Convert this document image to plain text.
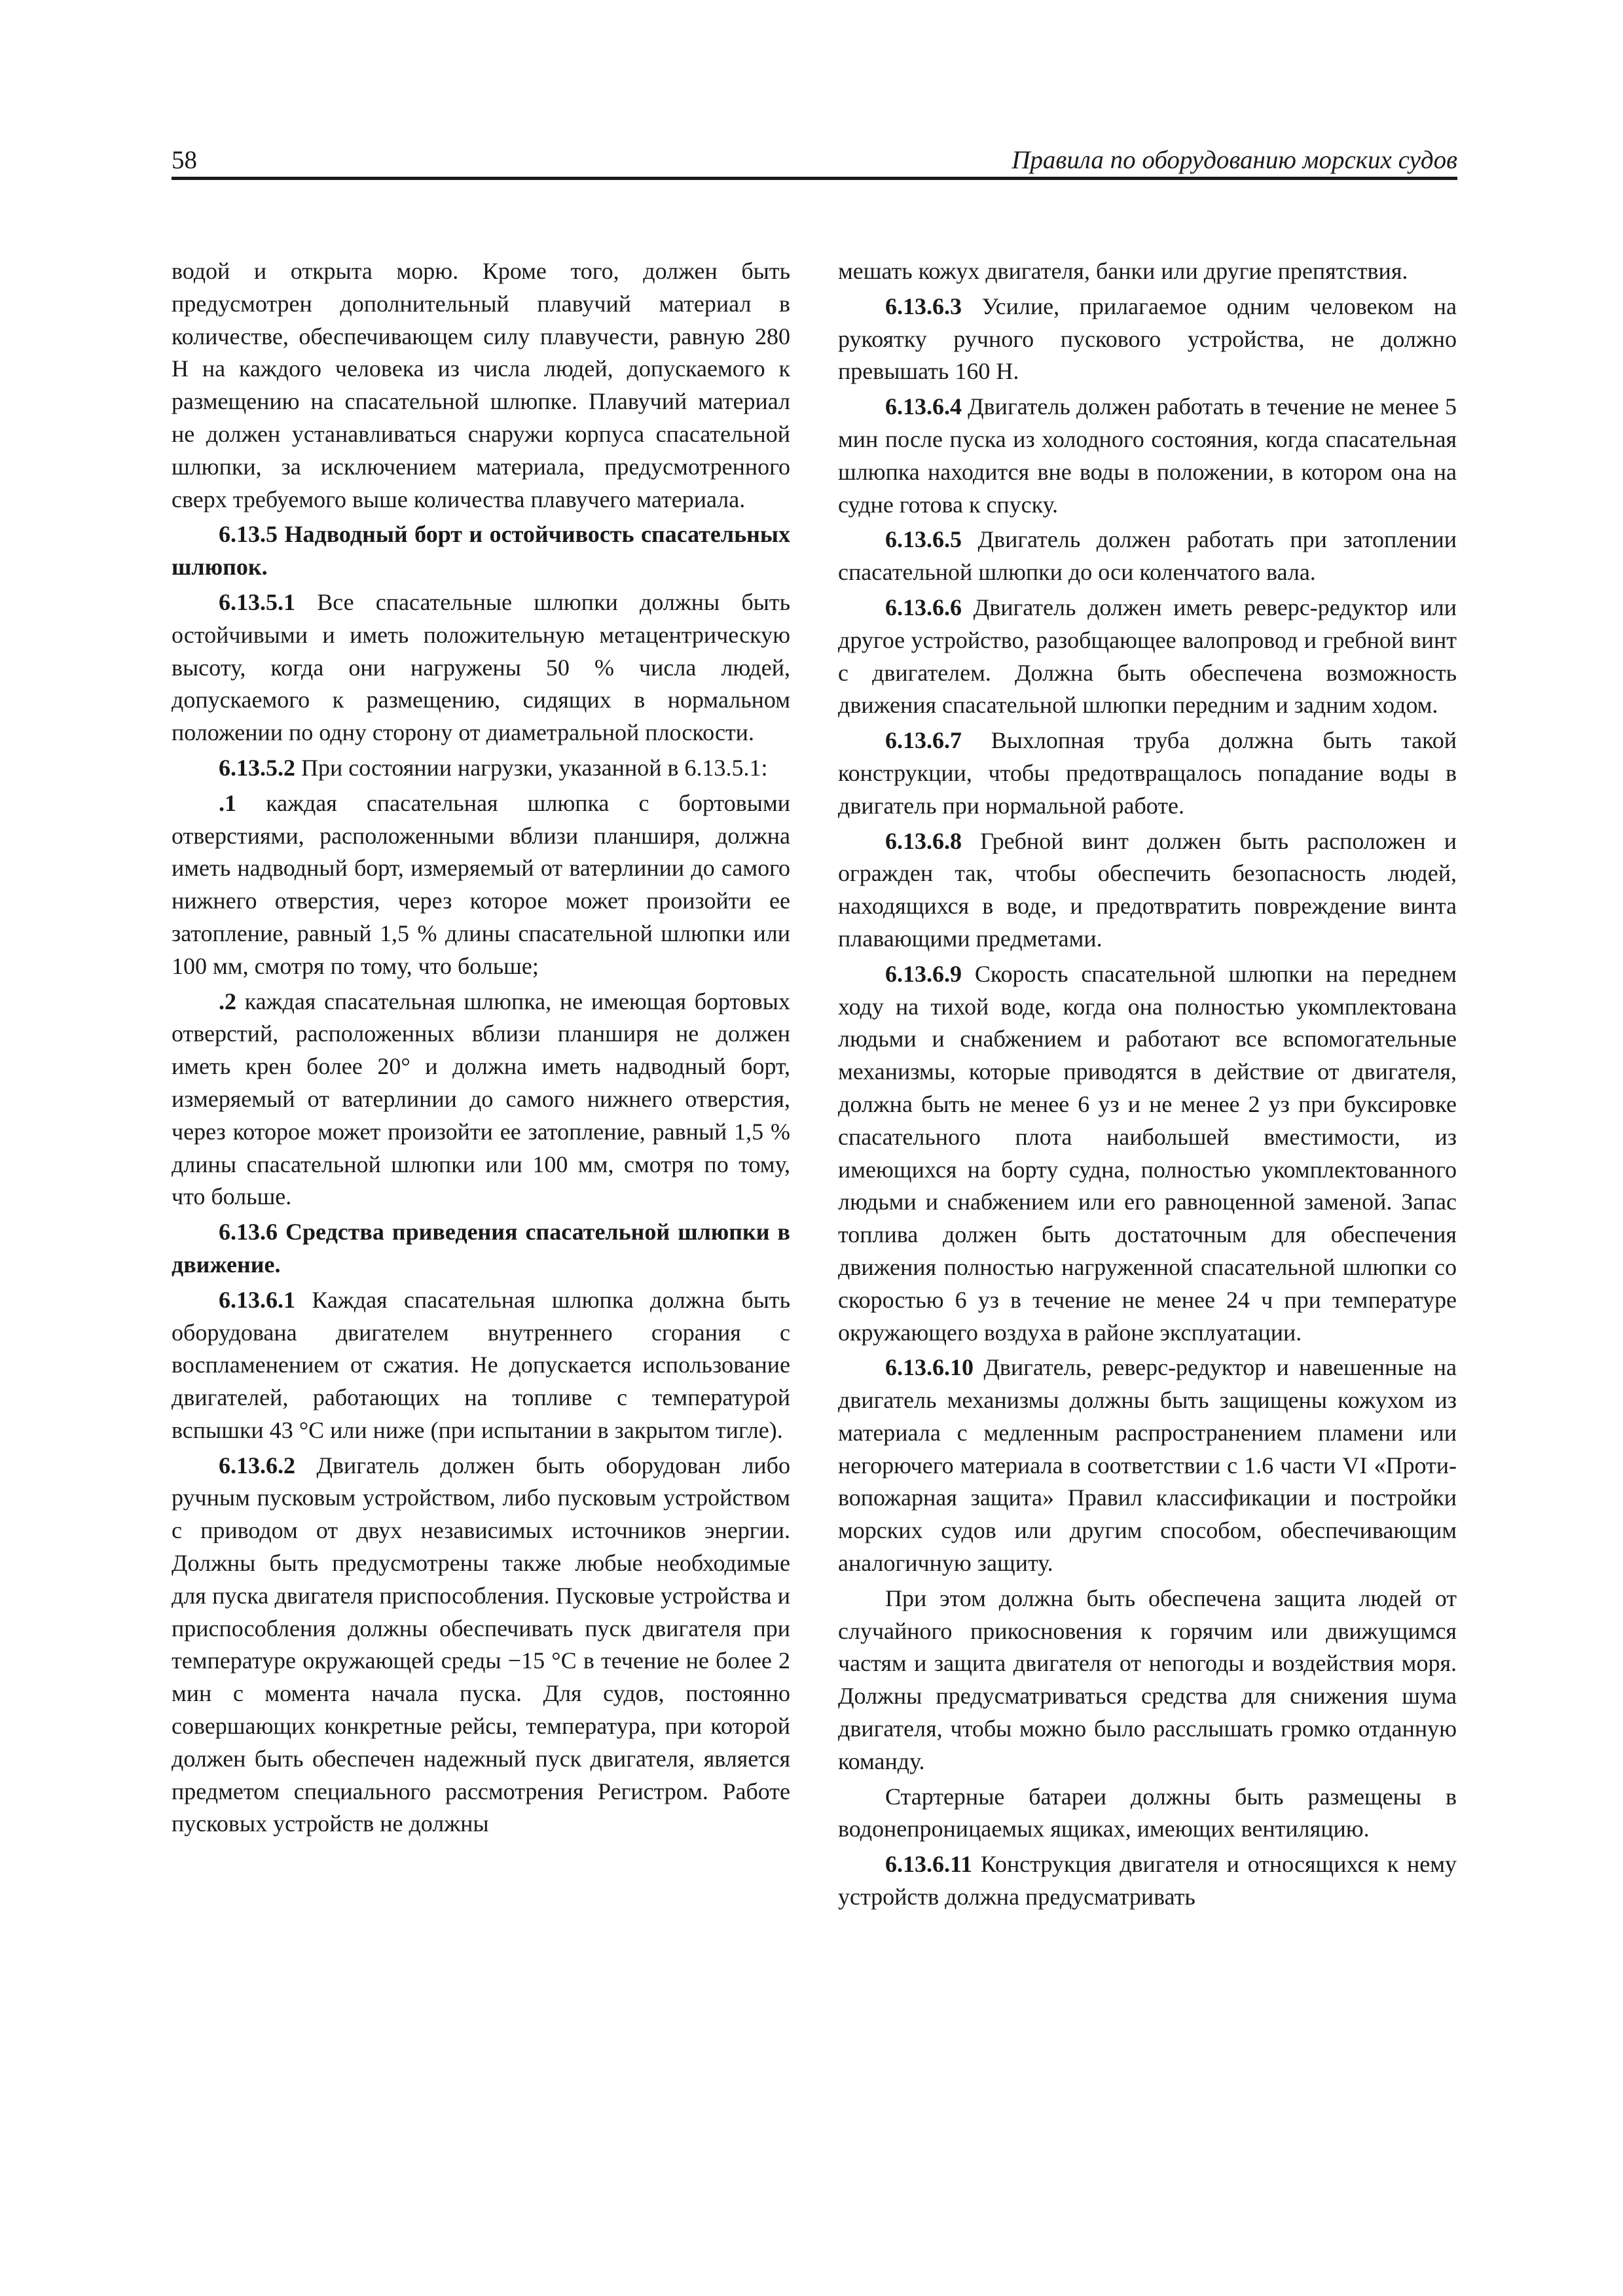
58	Правила по оборудованию морских судов

водой и открыта морю. Кроме того, должен быть предусмотрен дополнительный плавучий материал в количестве, обеспечивающем силу плавучести, равную 280 Н на каждого человека из числа людей, допускаемого к размещению на спасательной шлюпке. Плавучий материал не должен устанавливаться снаружи корпуса спасательной шлюпки, за исключением материала, предусмотренного сверх требуемого выше количества плавучего материала.

6.13.5 Надводный борт и остойчивость спасательных шлюпок.

6.13.5.1 Все спасательные шлюпки должны быть остойчивыми и иметь положительную метацентрическую высоту, когда они нагружены 50 % числа людей, допускаемого к размещению, сидящих в нормальном положении по одну сторону от диаметральной плоскости.

6.13.5.2 При состоянии нагрузки, указанной в 6.13.5.1:

.1 каждая спасательная шлюпка с бортовыми отверстиями, расположенными вблизи планширя, должна иметь надводный борт, измеряемый от ватерлинии до самого нижнего отверстия, через которое может произойти ее затопление, равный 1,5 % длины спасательной шлюпки или 100 мм, смотря по тому, что больше;

.2 каждая спасательная шлюпка, не имеющая бортовых отверстий, расположенных вблизи планширя не должен иметь крен более 20° и должна иметь надводный борт, измеряемый от ватерлинии до самого нижнего отверстия, через которое может произойти ее затопление, равный 1,5 % длины спасательной шлюпки или 100 мм, смотря по тому, что больше.

6.13.6 Средства приведения спасательной шлюпки в движение.

6.13.6.1 Каждая спасательная шлюпка должна быть оборудована двигателем внутреннего сгорания с воспламенением от сжатия. Не допускается использование двигателей, работающих на топливе с температурой вспышки 43 °C или ниже (при испытании в закрытом тигле).

6.13.6.2 Двигатель должен быть оборудован либо ручным пусковым устройством, либо пусковым устройством с приводом от двух независимых источников энергии. Должны быть предусмотрены также любые необходимые для пуска двигателя приспособления. Пусковые устройства и приспособления должны обеспечивать пуск двигателя при температуре окружающей среды −15 °C в течение не более 2 мин с момента начала пуска. Для судов, постоянно совершающих конкретные рейсы, температура, при которой должен быть обеспечен надежный пуск двигателя, является предметом специального рассмотрения Регистром. Работе пусковых устройств не должны

мешать кожух двигателя, банки или другие препятствия.

6.13.6.3 Усилие, прилагаемое одним человеком на рукоятку ручного пускового устройства, не должно превышать 160 Н.

6.13.6.4 Двигатель должен работать в течение не менее 5 мин после пуска из холодного состояния, когда спасательная шлюпка находится вне воды в положении, в котором она на судне готова к спуску.

6.13.6.5 Двигатель должен работать при затоплении спасательной шлюпки до оси коленчатого вала.

6.13.6.6 Двигатель должен иметь реверс-редуктор или другое устройство, разобщающее валопровод и гребной винт с двигателем. Должна быть обеспечена возможность движения спасательной шлюпки передним и задним ходом.

6.13.6.7 Выхлопная труба должна быть такой конструкции, чтобы предотвращалось попадание воды в двигатель при нормальной работе.

6.13.6.8 Гребной винт должен быть расположен и огражден так, чтобы обеспечить безопасность людей, находящихся в воде, и предотвратить повреждение винта плавающими предметами.

6.13.6.9 Скорость спасательной шлюпки на переднем ходу на тихой воде, когда она полностью укомплектована людьми и снабжением и работают все вспомогательные механизмы, которые приводятся в действие от двигателя, должна быть не менее 6 уз и не менее 2 уз при буксировке спасательного плота наибольшей вместимости, из имеющихся на борту судна, полностью укомплектованного людьми и снабжением или его равноценной заменой. Запас топлива должен быть достаточным для обеспечения движения полностью нагруженной спасательной шлюпки со скоростью 6 уз в течение не менее 24 ч при температуре окружающего воздуха в районе эксплуатации.

6.13.6.10 Двигатель, реверс-редуктор и навешенные на двигатель механизмы должны быть защищены кожухом из материала с медленным распространением пламени или негорючего материала в соответствии с 1.6 части VI «Противопожарная защита» Правил классификации и постройки морских судов или другим способом, обеспечивающим аналогичную защиту.

При этом должна быть обеспечена защита людей от случайного прикосновения к горячим или движущимся частям и защита двигателя от непогоды и воздействия моря. Должны предусматриваться средства для снижения шума двигателя, чтобы можно было расслышать громко отданную команду.

Стартерные батареи должны быть размещены в водонепроницаемых ящиках, имеющих вентиляцию.

6.13.6.11 Конструкция двигателя и относящихся к нему устройств должна предусматривать
